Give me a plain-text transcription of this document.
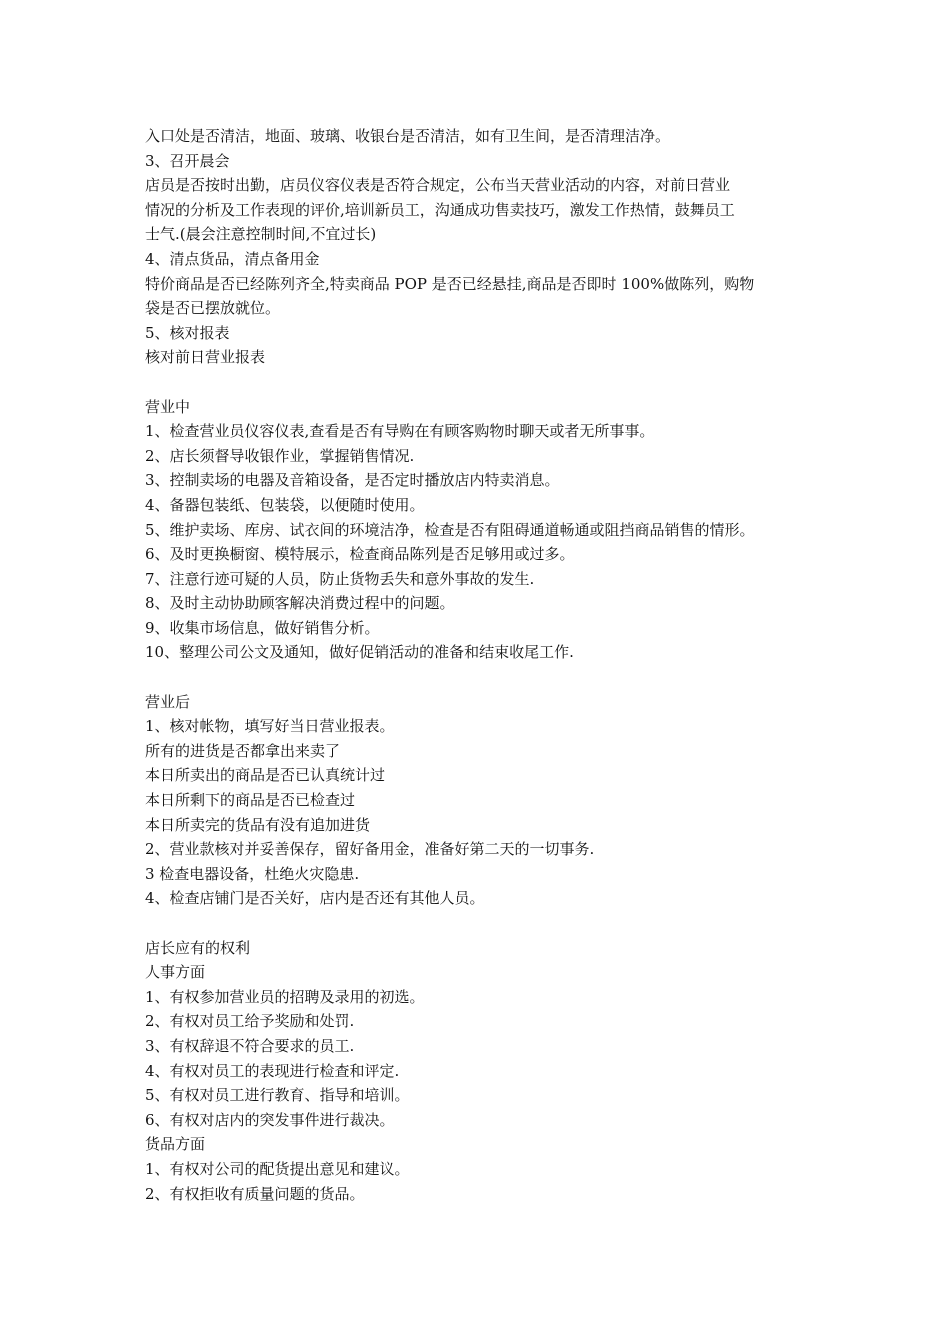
入口处是否清洁，地面、玻璃、收银台是否清洁，如有卫生间，是否清理洁净。
3、召开晨会
店员是否按时出勤，店员仪容仪表是否符合规定，公布当天营业活动的内容，对前日营业
情况的分析及工作表现的评价,培训新员工，沟通成功售卖技巧，激发工作热情，鼓舞员工
士气.(晨会注意控制时间,不宜过长)
4、清点货品，清点备用金
特价商品是否已经陈列齐全,特卖商品 POP 是否已经悬挂,商品是否即时 100%做陈列，购物
袋是否已摆放就位。
5、核对报表
核对前日营业报表
营业中
1、检查营业员仪容仪表,查看是否有导购在有顾客购物时聊天或者无所事事。
2、店长须督导收银作业，掌握销售情况.
3、控制卖场的电器及音箱设备，是否定时播放店内特卖消息。
4、备器包装纸、包装袋，以便随时使用。
5、维护卖场、库房、试衣间的环境洁净，检查是否有阻碍通道畅通或阻挡商品销售的情形。
6、及时更换橱窗、模特展示，检查商品陈列是否足够用或过多。
7、注意行迹可疑的人员，防止货物丢失和意外事故的发生.
8、及时主动协助顾客解决消费过程中的问题。
9、收集市场信息，做好销售分析。
10、整理公司公文及通知，做好促销活动的准备和结束收尾工作.
营业后
1、核对帐物，填写好当日营业报表。
所有的进货是否都拿出来卖了
本日所卖出的商品是否已认真统计过
本日所剩下的商品是否已检查过
本日所卖完的货品有没有追加进货
2、营业款核对并妥善保存，留好备用金，准备好第二天的一切事务.
3 检查电器设备，杜绝火灾隐患.
4、检查店铺门是否关好，店内是否还有其他人员。
店长应有的权利
人事方面
1、有权参加营业员的招聘及录用的初选。
2、有权对员工给予奖励和处罚.
3、有权辞退不符合要求的员工.
4、有权对员工的表现进行检查和评定.
5、有权对员工进行教育、指导和培训。
6、有权对店内的突发事件进行裁决。
货品方面
1、有权对公司的配货提出意见和建议。
2、有权拒收有质量问题的货品。
